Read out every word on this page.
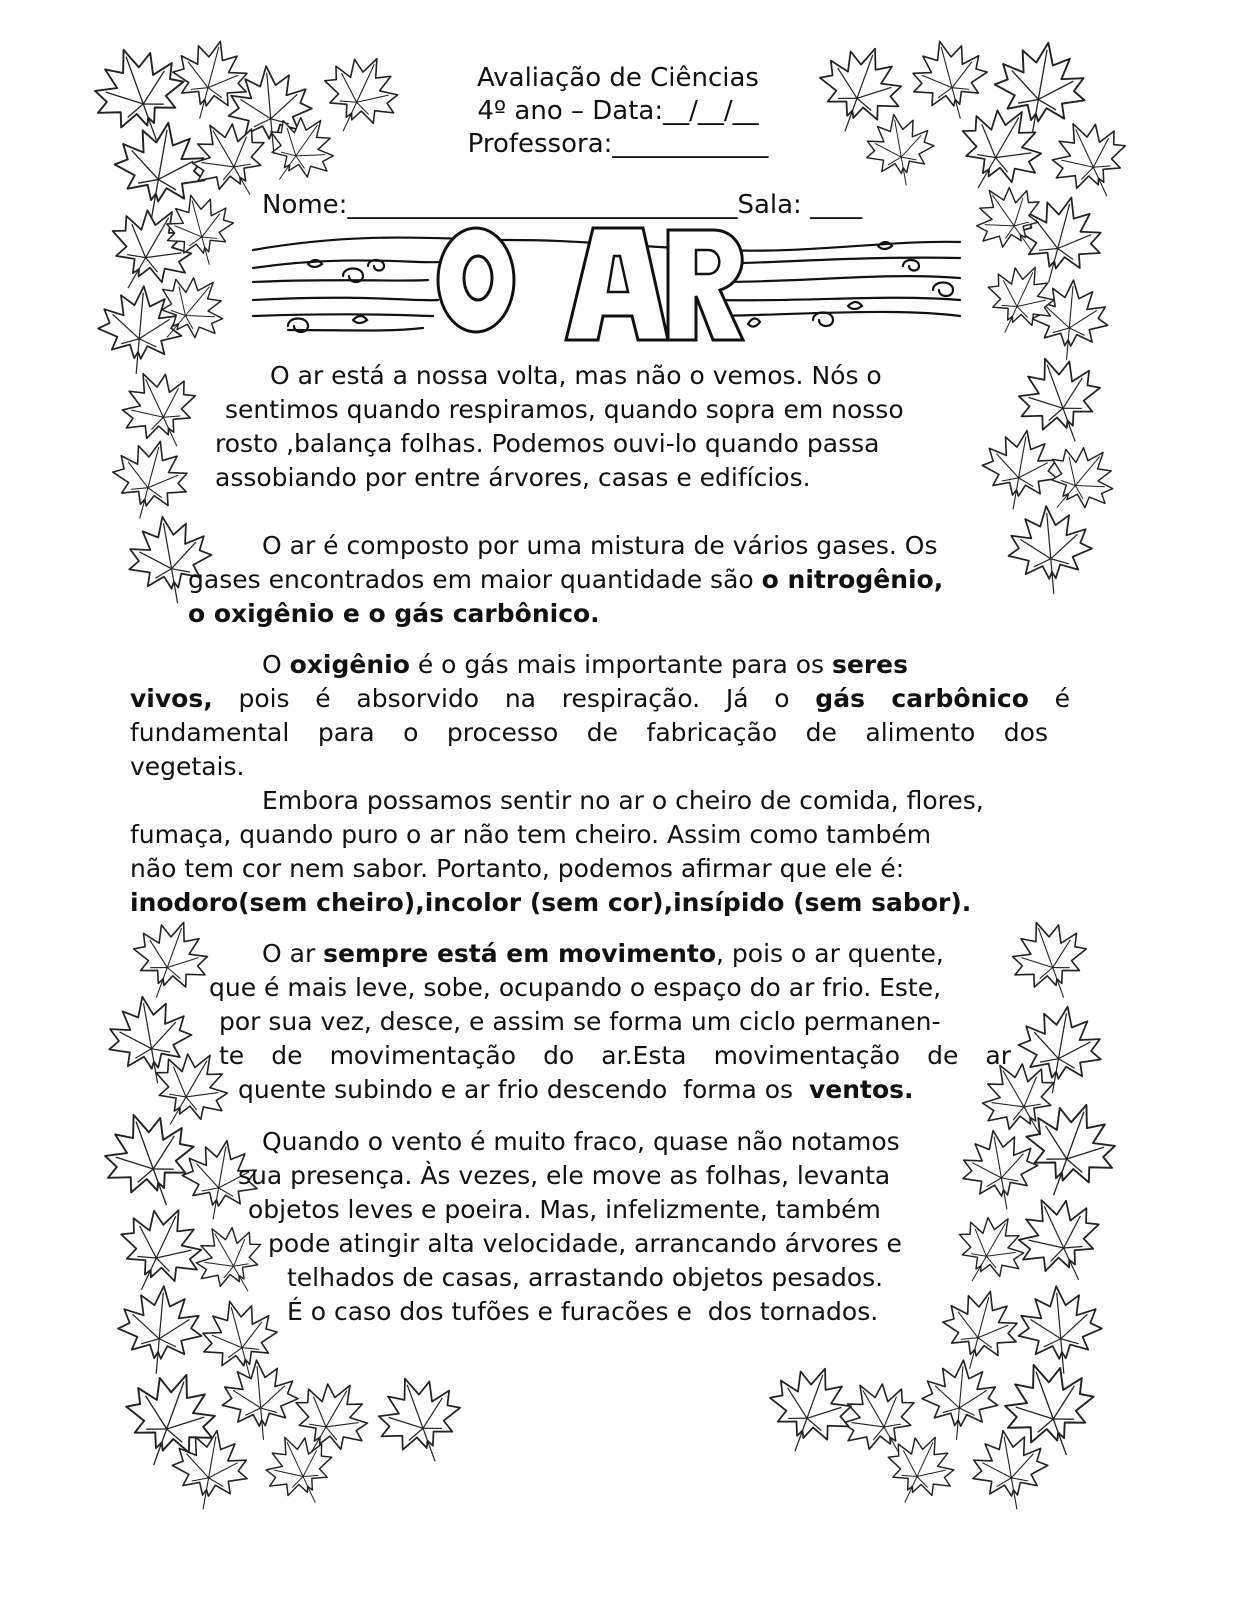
Avaliação de Ciências
4º ano – Data:__/__/__
Professora:____________
Nome:______________________________Sala: ____
O ar está a nossa volta, mas não o vemos. Nós o
sentimos quando respiramos, quando sopra em nosso
rosto ,balança folhas. Podemos ouvi-lo quando passa
assobiando por entre árvores, casas e edifícios.
O ar é composto por uma mistura de vários gases. Os
gases encontrados em maior quantidade são o nitrogênio,
o oxigênio e o gás carbônico.
O oxigênio é o gás mais importante para os seres
vivos, pois é absorvido na respiração. Já o gás carbônico é
fundamental para o processo de fabricação de alimento dos
vegetais.
Embora possamos sentir no ar o cheiro de comida, flores,
fumaça, quando puro o ar não tem cheiro. Assim como também
não tem cor nem sabor. Portanto, podemos afirmar que ele é:
inodoro(sem cheiro),incolor (sem cor),insípido (sem sabor).
O ar sempre está em movimento, pois o ar quente,
que é mais leve, sobe, ocupando o espaço do ar frio. Este,
por sua vez, desce, e assim se forma um ciclo permanen-
te de movimentação do ar.Esta movimentação de ar
quente subindo e ar frio descendo  forma os  ventos.
Quando o vento é muito fraco, quase não notamos
sua presença. Às vezes, ele move as folhas, levanta
objetos leves e poeira. Mas, infelizmente, também
pode atingir alta velocidade, arrancando árvores e
telhados de casas, arrastando objetos pesados.
É o caso dos tufões e furacões e  dos tornados.
